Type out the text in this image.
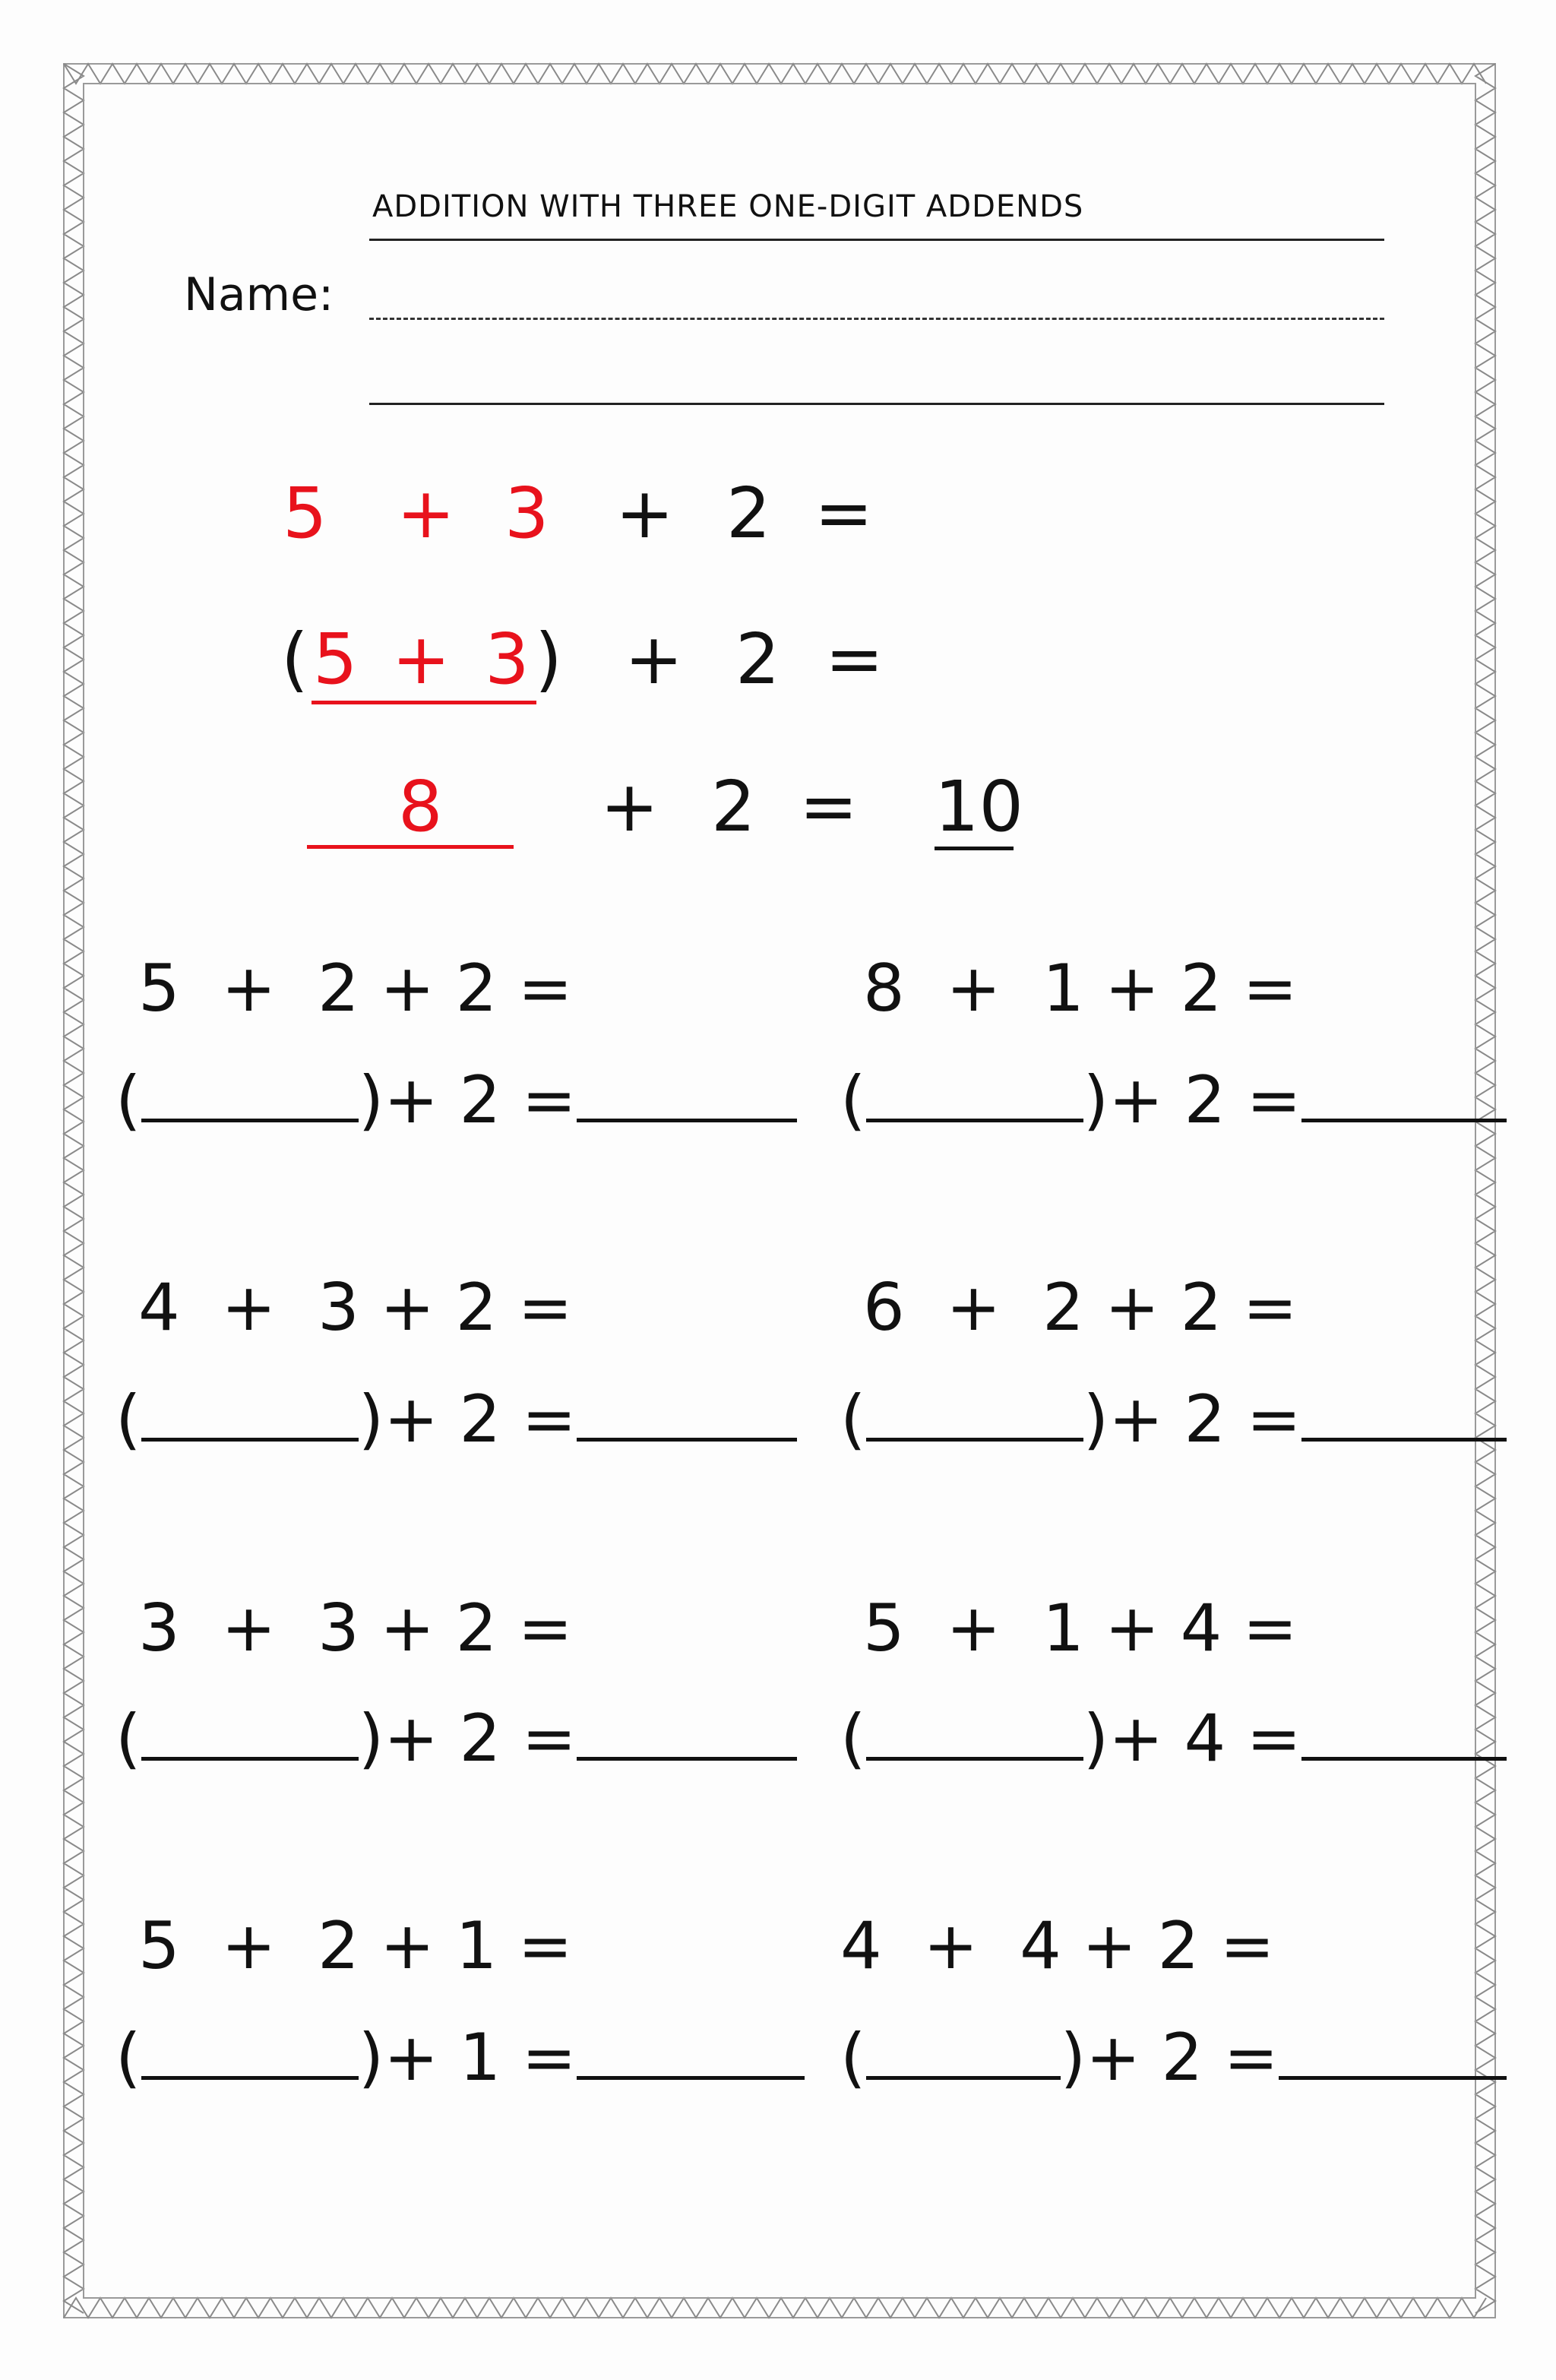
ADDITION WITH THREE ONE-DIGIT ADDENDS
Name:
5 + 3 + 2 =
( 5 + 3 ) + 2 =
8 + 2 = 10
5  +  2 + 2 =
(	)+ 2 =
8  +  1 + 2 =
(	)+ 2 =
4  +  3 + 2 =
(	)+ 2 =
6  +  2 + 2 =
(	)+ 2 =
3  +  3 + 2 =
(	)+ 2 =
5  +  1 + 4 =
(	)+ 4 =
5  +  2 + 1 =
(	)+ 1 =
4  +  4 + 2 =
(	)+ 2 =
